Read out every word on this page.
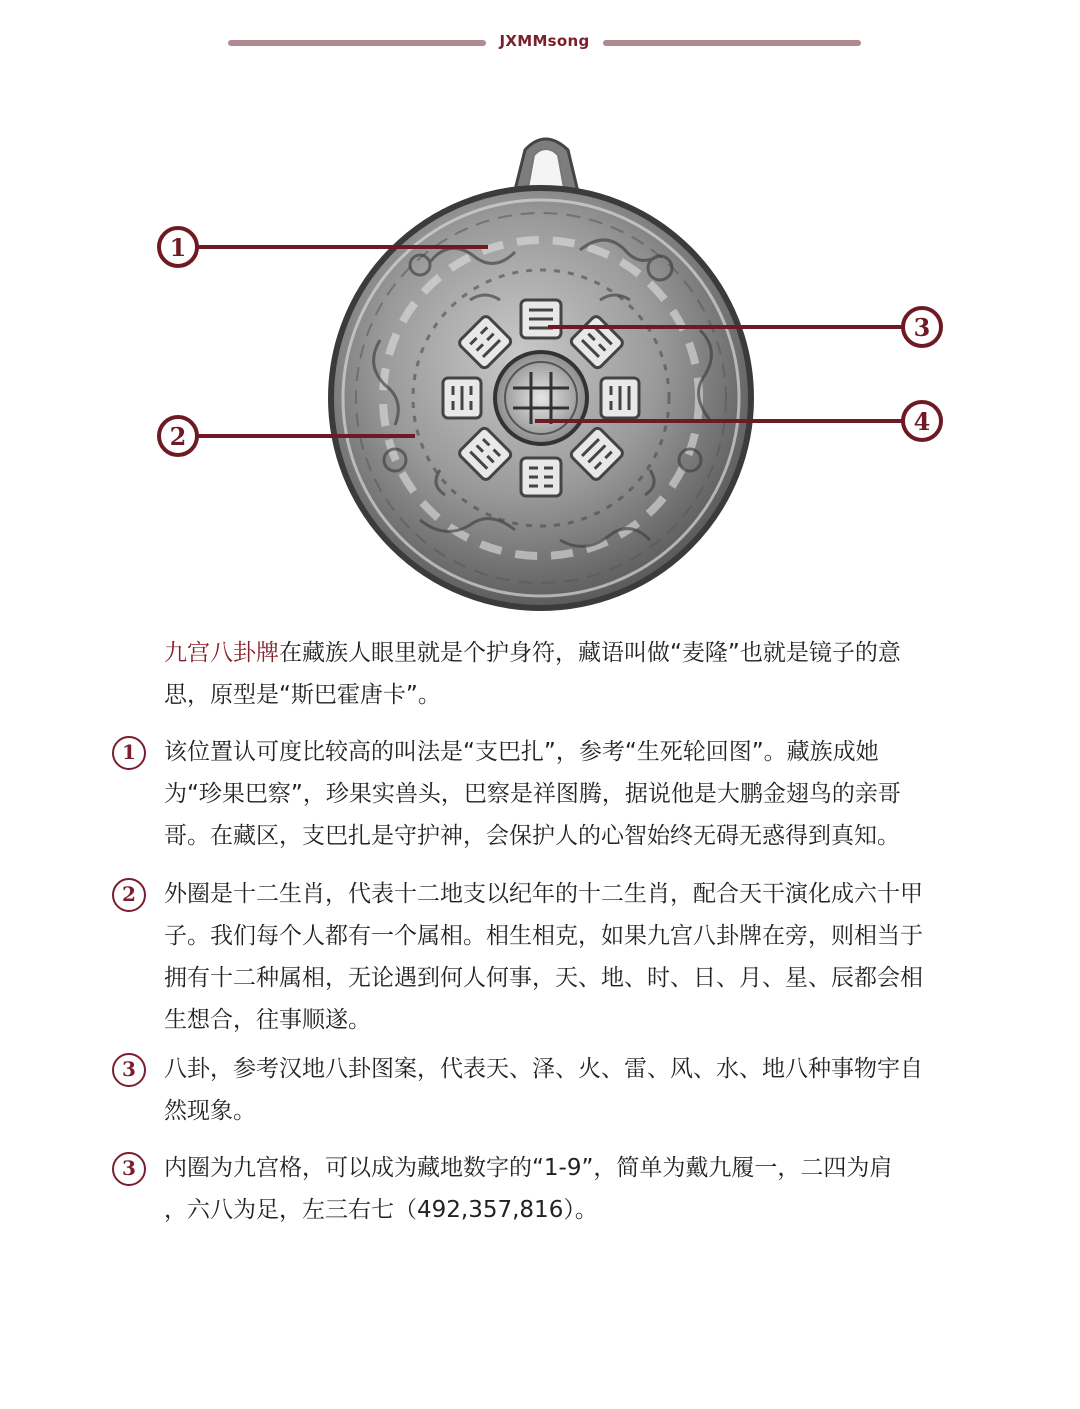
JXMMsong
1
2
3
4
九宫八卦牌在藏族人眼里就是个护身符，藏语叫做“麦隆”也就是镜子的意
思，原型是“斯巴霍唐卡”。
1	该位置认可度比较高的叫法是“支巴扎”，参考“生死轮回图”。藏族成她
为“珍果巴察”，珍果实兽头，巴察是祥图腾，据说他是大鹏金翅鸟的亲哥
哥。在藏区，支巴扎是守护神，会保护人的心智始终无碍无惑得到真知。
2	外圈是十二生肖，代表十二地支以纪年的十二生肖，配合天干演化成六十甲
子。我们每个人都有一个属相。相生相克，如果九宫八卦牌在旁，则相当于
拥有十二种属相，无论遇到何人何事，天、地、时、日、月、星、辰都会相
生想合，往事顺遂。
3	八卦，参考汉地八卦图案，代表天、泽、火、雷、风、水、地八种事物宇自
然现象。
3	内圈为九宫格，可以成为藏地数字的“1-9”，简单为戴九履一，二四为肩
，六八为足，左三右七（492,357,816）。
